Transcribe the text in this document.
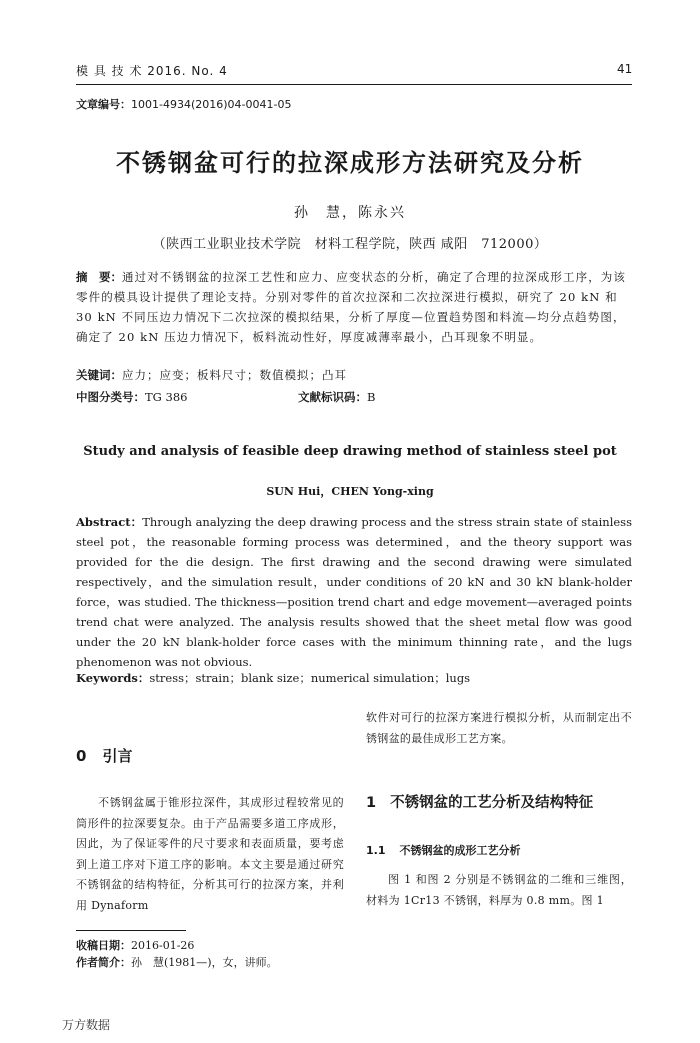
模 具 技 术 2016. No. 4	41
文章编号：1001-4934(2016)04-0041-05
不锈钢盆可行的拉深成形方法研究及分析
孙　慧，陈永兴
（陕西工业职业技术学院　材料工程学院，陕西 咸阳　712000）
摘　要：通过对不锈钢盆的拉深工艺性和应力、应变状态的分析，确定了合理的拉深成形工序，为该零件的模具设计提供了理论支持。分别对零件的首次拉深和二次拉深进行模拟，研究了 20 kN 和 30 kN 不同压边力情况下二次拉深的模拟结果，分析了厚度—位置趋势图和料流—均分点趋势图，确定了 20 kN 压边力情况下，板料流动性好，厚度减薄率最小，凸耳现象不明显。
关键词：应力；应变；板料尺寸；数值模拟；凸耳
中图分类号：TG 386	文献标识码：B
Study and analysis of feasible deep drawing method of stainless steel pot
SUN Hui，CHEN Yong-xing
Abstract：Through analyzing the deep drawing process and the stress strain state of stainless steel pot，the reasonable forming process was determined，and the theory support was provided for the die design. The first drawing and the second drawing were simulated respectively，and the simulation result，under conditions of 20 kN and 30 kN blank-holder force，was studied. The thickness—position trend chart and edge movement—averaged points trend chat were analyzed. The analysis results showed that the sheet metal flow was good under the 20 kN blank-holder force cases with the minimum thinning rate，and the lugs phenomenon was not obvious.
Keywords：stress；strain；blank size；numerical simulation；lugs
0 引言
不锈钢盆属于锥形拉深件，其成形过程较常见的筒形件的拉深要复杂。由于产品需要多道工序成形，因此，为了保证零件的尺寸要求和表面质量，要考虑到上道工序对下道工序的影响。本文主要是通过研究不锈钢盆的结构特征，分析其可行的拉深方案，并利用 Dynaform
软件对可行的拉深方案进行模拟分析，从而制定出不锈钢盆的最佳成形工艺方案。
1 不锈钢盆的工艺分析及结构特征
1.1 不锈钢盆的成形工艺分析
图 1 和图 2 分别是不锈钢盆的二维和三维图，材料为 1Cr13 不锈钢，料厚为 0.8 mm。图 1
收稿日期：2016-01-26
作者简介：孙　慧(1981—)，女，讲师。
万方数据
